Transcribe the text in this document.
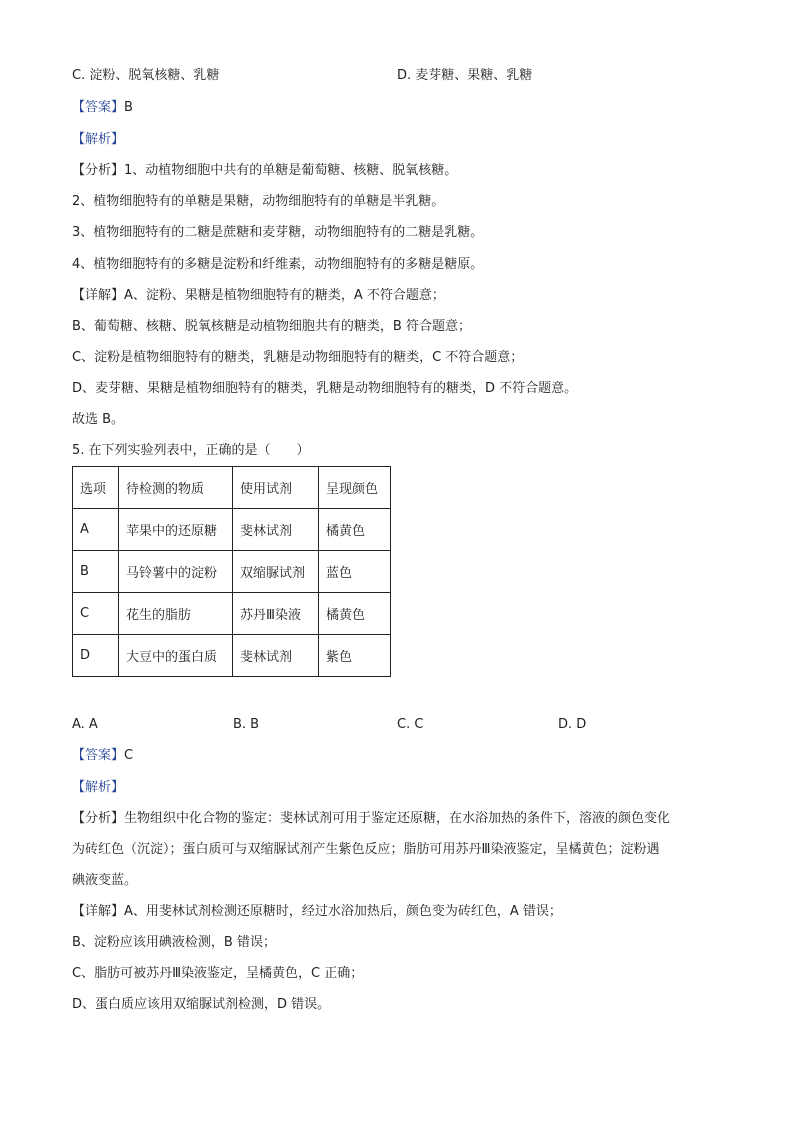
C. 淀粉、脱氧核糖、乳糖	D. 麦芽糖、果糖、乳糖
【答案】B
【解析】
【分析】1、动植物细胞中共有的单糖是葡萄糖、核糖、脱氧核糖。
2、植物细胞特有的单糖是果糖，动物细胞特有的单糖是半乳糖。
3、植物细胞特有的二糖是蔗糖和麦芽糖，动物细胞特有的二糖是乳糖。
4、植物细胞特有的多糖是淀粉和纤维素，动物细胞特有的多糖是糖原。
【详解】A、淀粉、果糖是植物细胞特有的糖类，A 不符合题意；
B、葡萄糖、核糖、脱氧核糖是动植物细胞共有的糖类，B 符合题意；
C、淀粉是植物细胞特有的糖类，乳糖是动物细胞特有的糖类，C 不符合题意；
D、麦芽糖、果糖是植物细胞特有的糖类，乳糖是动物细胞特有的糖类，D 不符合题意。
故选 B。
5. 在下列实验列表中，正确的是（　　）
选项	待检测的物质	使用试剂	呈现颜色
A	苹果中的还原糖	斐林试剂	橘黄色
B	马铃薯中的淀粉	双缩脲试剂	蓝色
C	花生的脂肪	苏丹Ⅲ染液	橘黄色
D	大豆中的蛋白质	斐林试剂	紫色
A. A	B. B	C. C	D. D
【答案】C
【解析】
【分析】生物组织中化合物的鉴定：斐林试剂可用于鉴定还原糖，在水浴加热的条件下，溶液的颜色变化
为砖红色（沉淀）；蛋白质可与双缩脲试剂产生紫色反应；脂肪可用苏丹Ⅲ染液鉴定，呈橘黄色；淀粉遇
碘液变蓝。
【详解】A、用斐林试剂检测还原糖时，经过水浴加热后，颜色变为砖红色，A 错误；
B、淀粉应该用碘液检测，B 错误；
C、脂肪可被苏丹Ⅲ染液鉴定，呈橘黄色，C 正确；
D、蛋白质应该用双缩脲试剂检测，D 错误。
